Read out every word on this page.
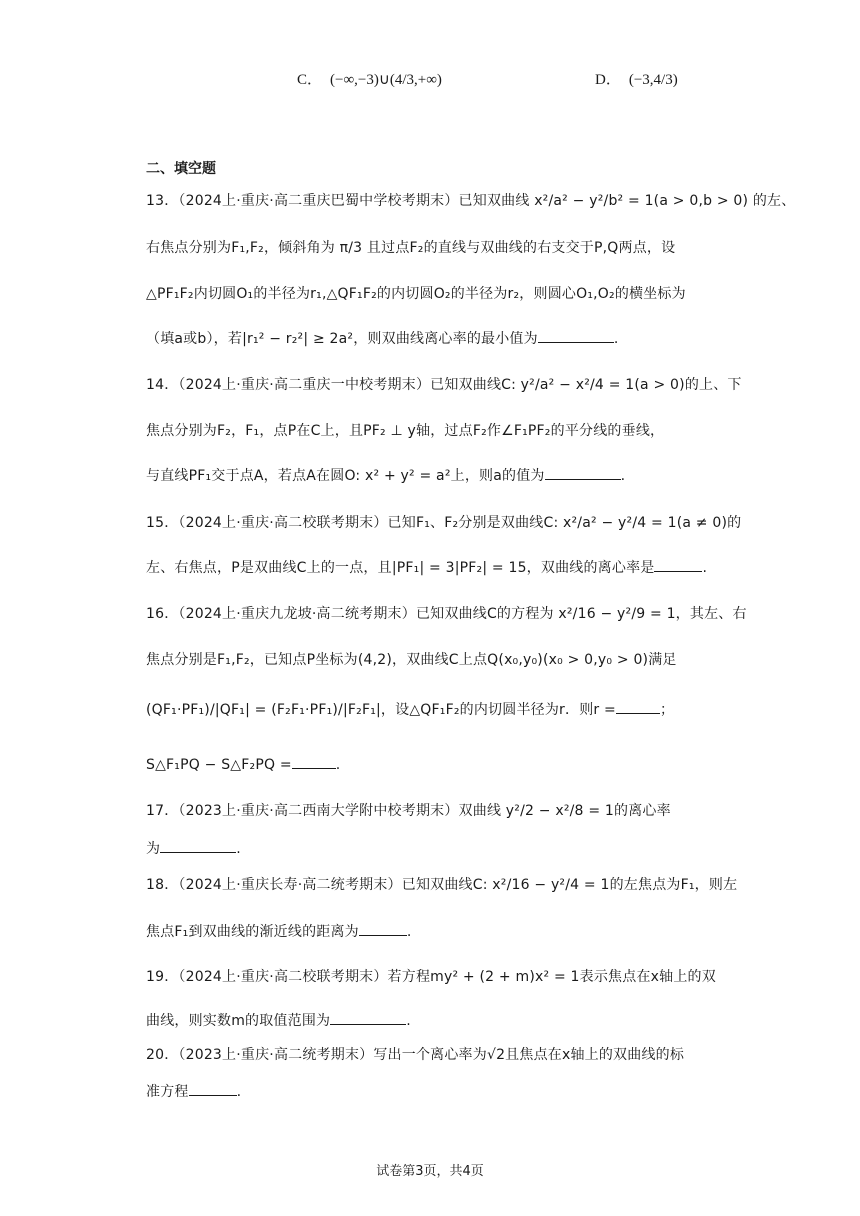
C． (−∞,−3)∪(4/3,+∞)	D． (−3,4/3)
二、填空题
13．（2024上·重庆·高二重庆巴蜀中学校考期末）已知双曲线 x²/a² − y²/b² = 1(a > 0,b > 0) 的左、
右焦点分别为F₁,F₂，倾斜角为 π/3 且过点F₂的直线与双曲线的右支交于P,Q两点，设
△PF₁F₂内切圆O₁的半径为r₁,△QF₁F₂的内切圆O₂的半径为r₂，则圆心O₁,O₂的横坐标为
（填a或b），若|r₁² − r₂²| ≥ 2a²，则双曲线离心率的最小值为	.
14．（2024上·重庆·高二重庆一中校考期末）已知双曲线C: y²/a² − x²/4 = 1(a > 0)的上、下
焦点分别为F₂，F₁，点P在C上，且PF₂ ⊥ y轴，过点F₂作∠F₁PF₂的平分线的垂线，
与直线PF₁交于点A，若点A在圆O: x² + y² = a²上，则a的值为	.
15．（2024上·重庆·高二校联考期末）已知F₁、F₂分别是双曲线C: x²/a² − y²/4 = 1(a ≠ 0)的
左、右焦点，P是双曲线C上的一点，且|PF₁| = 3|PF₂| = 15，双曲线的离心率是	.
16．（2024上·重庆九龙坡·高二统考期末）已知双曲线C的方程为 x²/16 − y²/9 = 1，其左、右
焦点分别是F₁,F₂，已知点P坐标为(4,2)，双曲线C上点Q(x₀,y₀)(x₀ > 0,y₀ > 0)满足
(QF₁·PF₁)/|QF₁| = (F₂F₁·PF₁)/|F₂F₁|，设△QF₁F₂的内切圆半径为r．则r =	；
S△F₁PQ − S△F₂PQ =	.
17．（2023上·重庆·高二西南大学附中校考期末）双曲线 y²/2 − x²/8 = 1的离心率
为	.
18．（2024上·重庆长寿·高二统考期末）已知双曲线C: x²/16 − y²/4 = 1的左焦点为F₁，则左
焦点F₁到双曲线的渐近线的距离为	.
19．（2024上·重庆·高二校联考期末）若方程my² + (2 + m)x² = 1表示焦点在x轴上的双
曲线，则实数m的取值范围为	.
20．（2023上·重庆·高二统考期末）写出一个离心率为√2且焦点在x轴上的双曲线的标
准方程	.
试卷第3页，共4页
